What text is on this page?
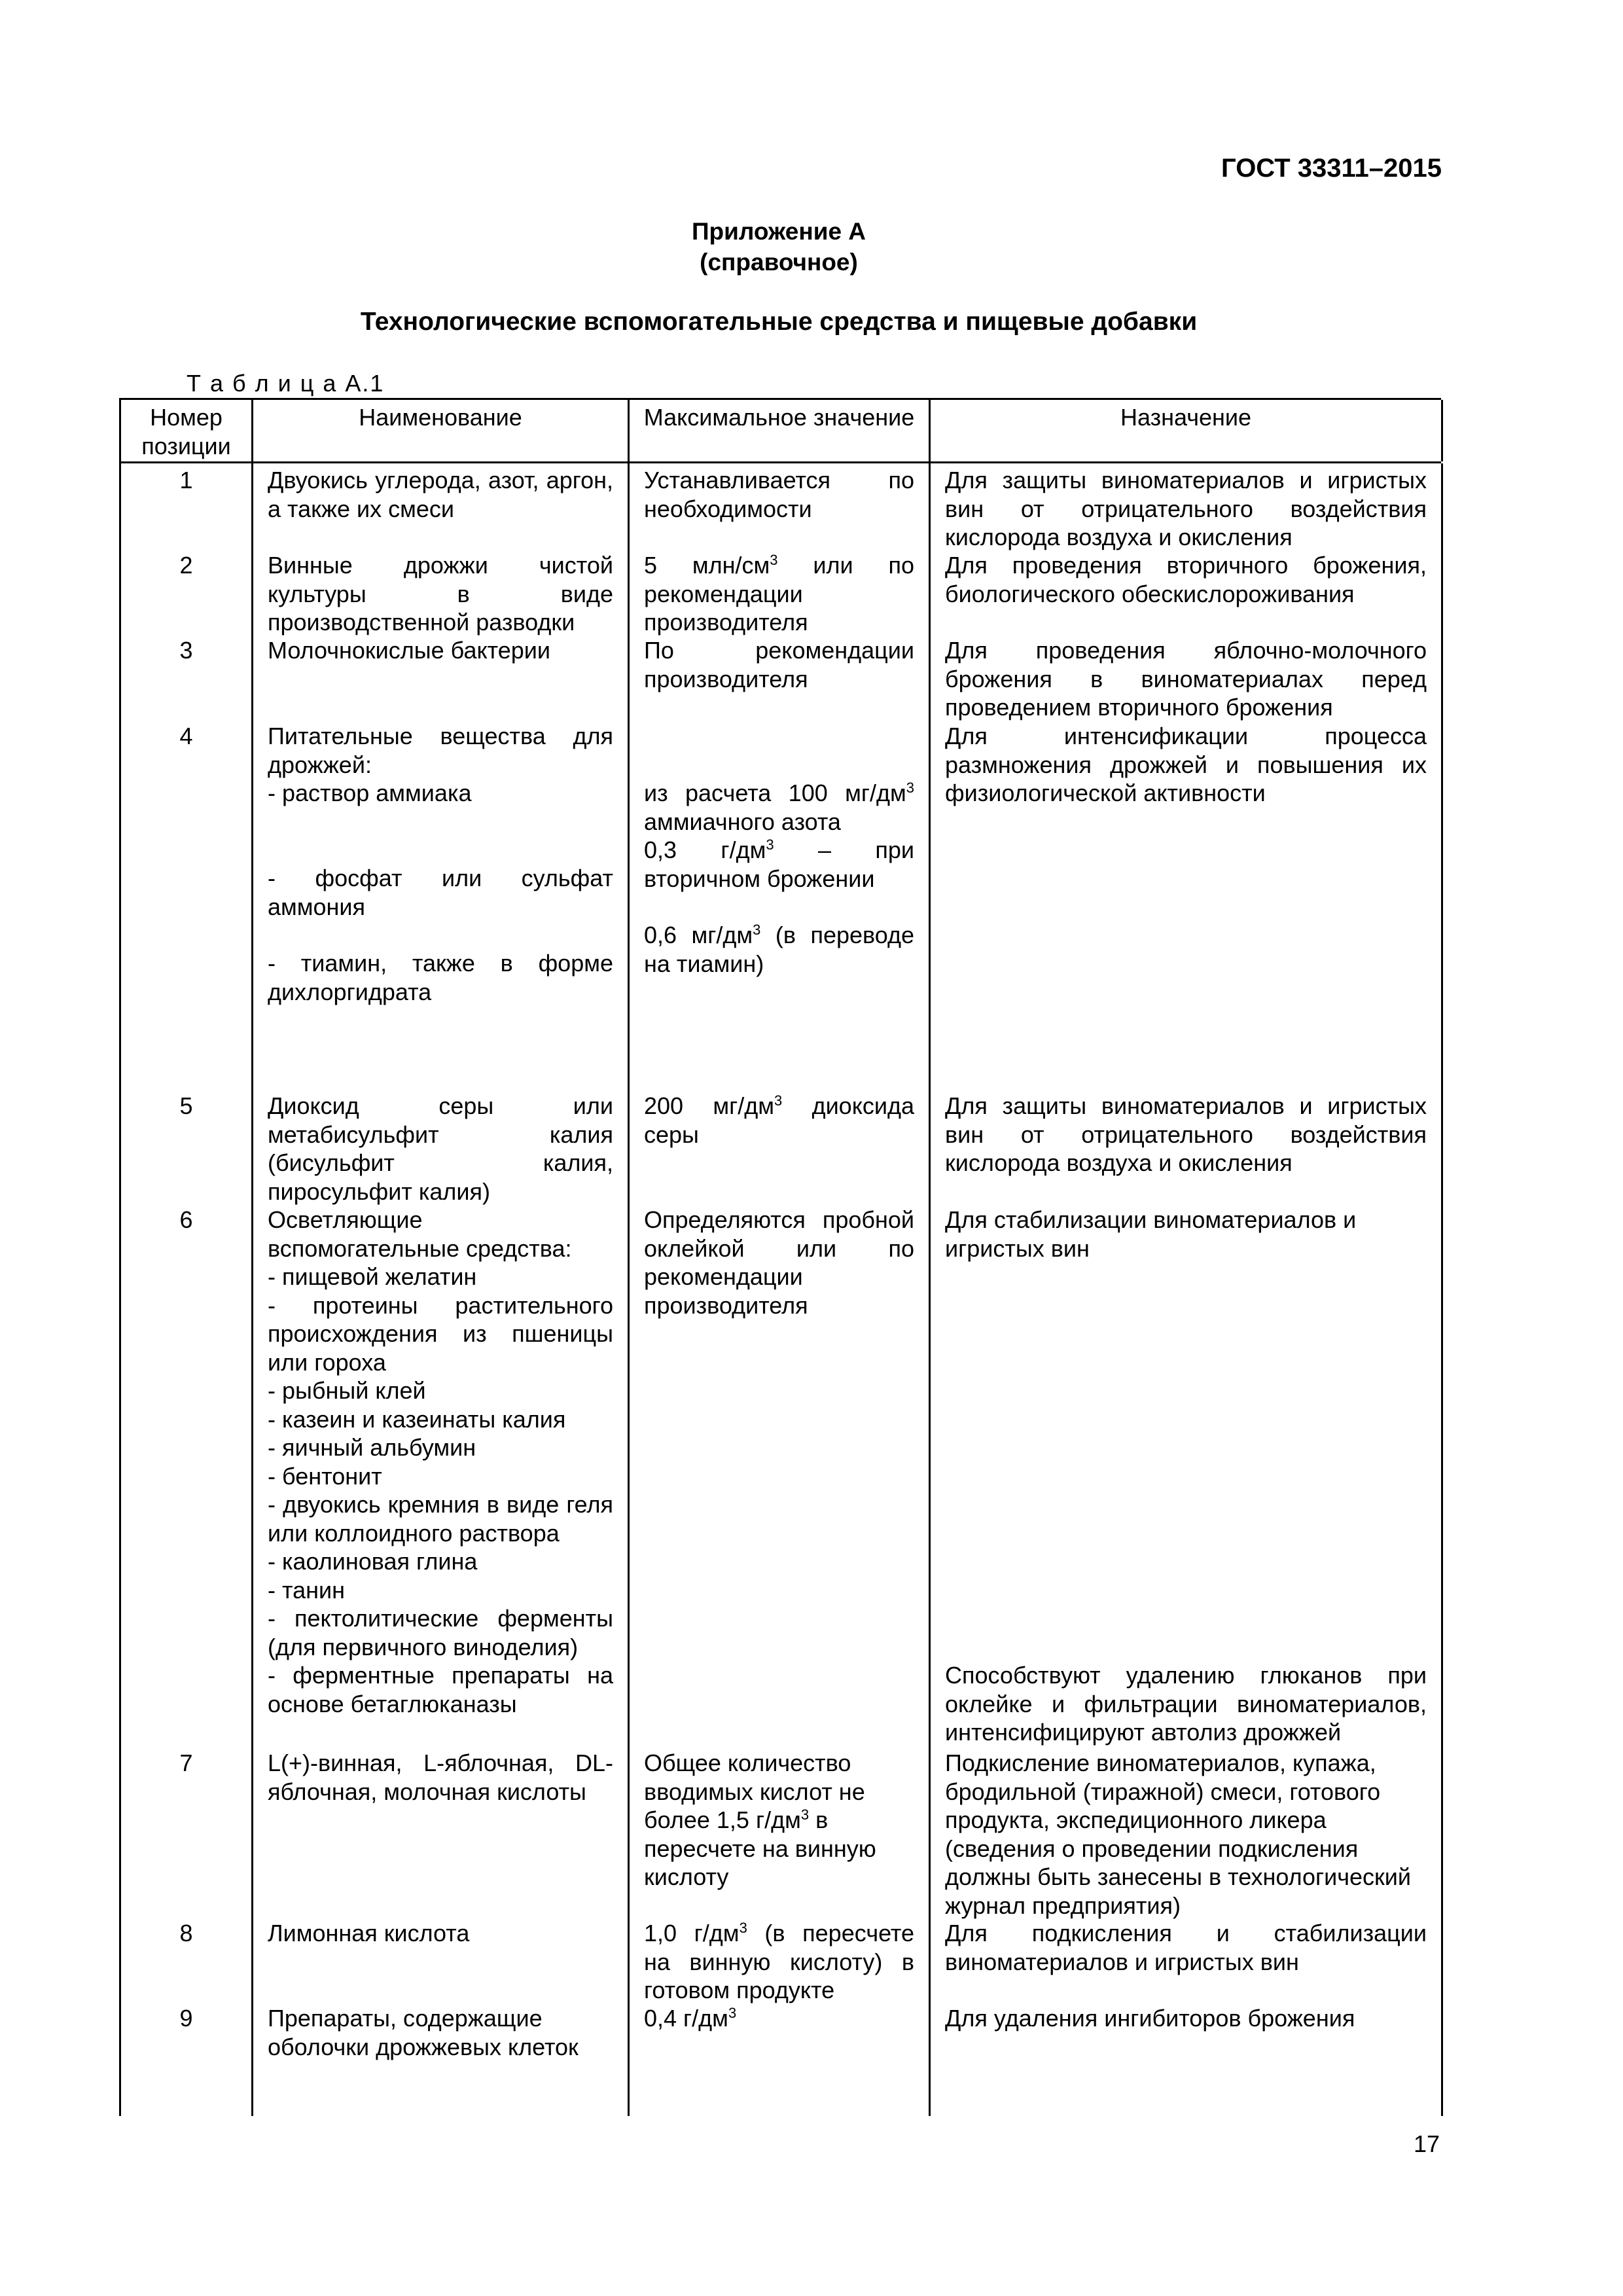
ГОСТ 33311–2015
Приложение А
(справочное)
Технологические вспомогательные средства и пищевые добавки
Т а б л и ц а А.1
Номер позиции
Наименование	Максимальное значение	Назначение
1
2
3
4
5
6
7
8
9
Двуокись углерода, азот, аргон, а также их смеси
Винные дрожжи чистой культуры в виде производственной разводки
Молочнокислые бактерии
Питательные вещества для дрожжей:
- раствор аммиака
- фосфат или сульфат аммония
- тиамин, также в форме дихлоргидрата
Диоксид серы или метабисульфит калия (бисульфит калия, пиросульфит калия)
Осветляющие вспомогательные средства:
- пищевой желатин
- протеины растительного происхождения из пшеницы или гороха
- рыбный клей
- казеин и казеинаты калия
- яичный альбумин
- бентонит
- двуокись кремния в виде геля или коллоидного раствора
- каолиновая глина
- танин
- пектолитические ферменты (для первичного виноделия)
- ферментные препараты на основе бетаглюканазы
L(+)-винная, L-яблочная, DL-яблочная, молочная кислоты
Лимонная кислота
Препараты, содержащие оболочки дрожжевых клеток
Устанавливается по необходимости
5 млн/$см^3$ или по рекомендации производителя
По рекомендации производителя
из расчета 100 $мг/дм^3$ аммиачного азота
0,3 $г/дм^3$ – при вторичном брожении
0,6 $мг/дм^3$ (в переводе на тиамин)
200 $мг/дм^3$ диоксида серы
Определяются пробной оклейкой или по рекомендации производителя
Общее количество вводимых кислот не более 1,5 $г/дм^3$ в пересчете на винную кислоту
1,0 $г/дм^3$ (в пересчете на винную кислоту) в готовом продукте
0,4 $г/дм^3$
Для защиты виноматериалов и игристых вин от отрицательного воздействия кислорода воздуха и окисления
Для проведения вторичного брожения, биологического обескислороживания
Для проведения яблочно-молочного брожения в виноматериалах перед проведением вторичного брожения
Для интенсификации процесса размножения дрожжей и повышения их физиологической активности
Для защиты виноматериалов и игристых вин от отрицательного воздействия кислорода воздуха и окисления
Для стабилизации виноматериалов и игристых вин
Способствуют удалению глюканов при оклейке и фильтрации виноматериалов, интенсифицируют автолиз дрожжей
Подкисление виноматериалов, купажа, бродильной (тиражной) смеси, готового продукта, экспедиционного ликера (сведения о проведении подкисления должны быть занесены в технологический журнал предприятия)
Для подкисления и стабилизации виноматериалов и игристых вин
Для удаления ингибиторов брожения
17
